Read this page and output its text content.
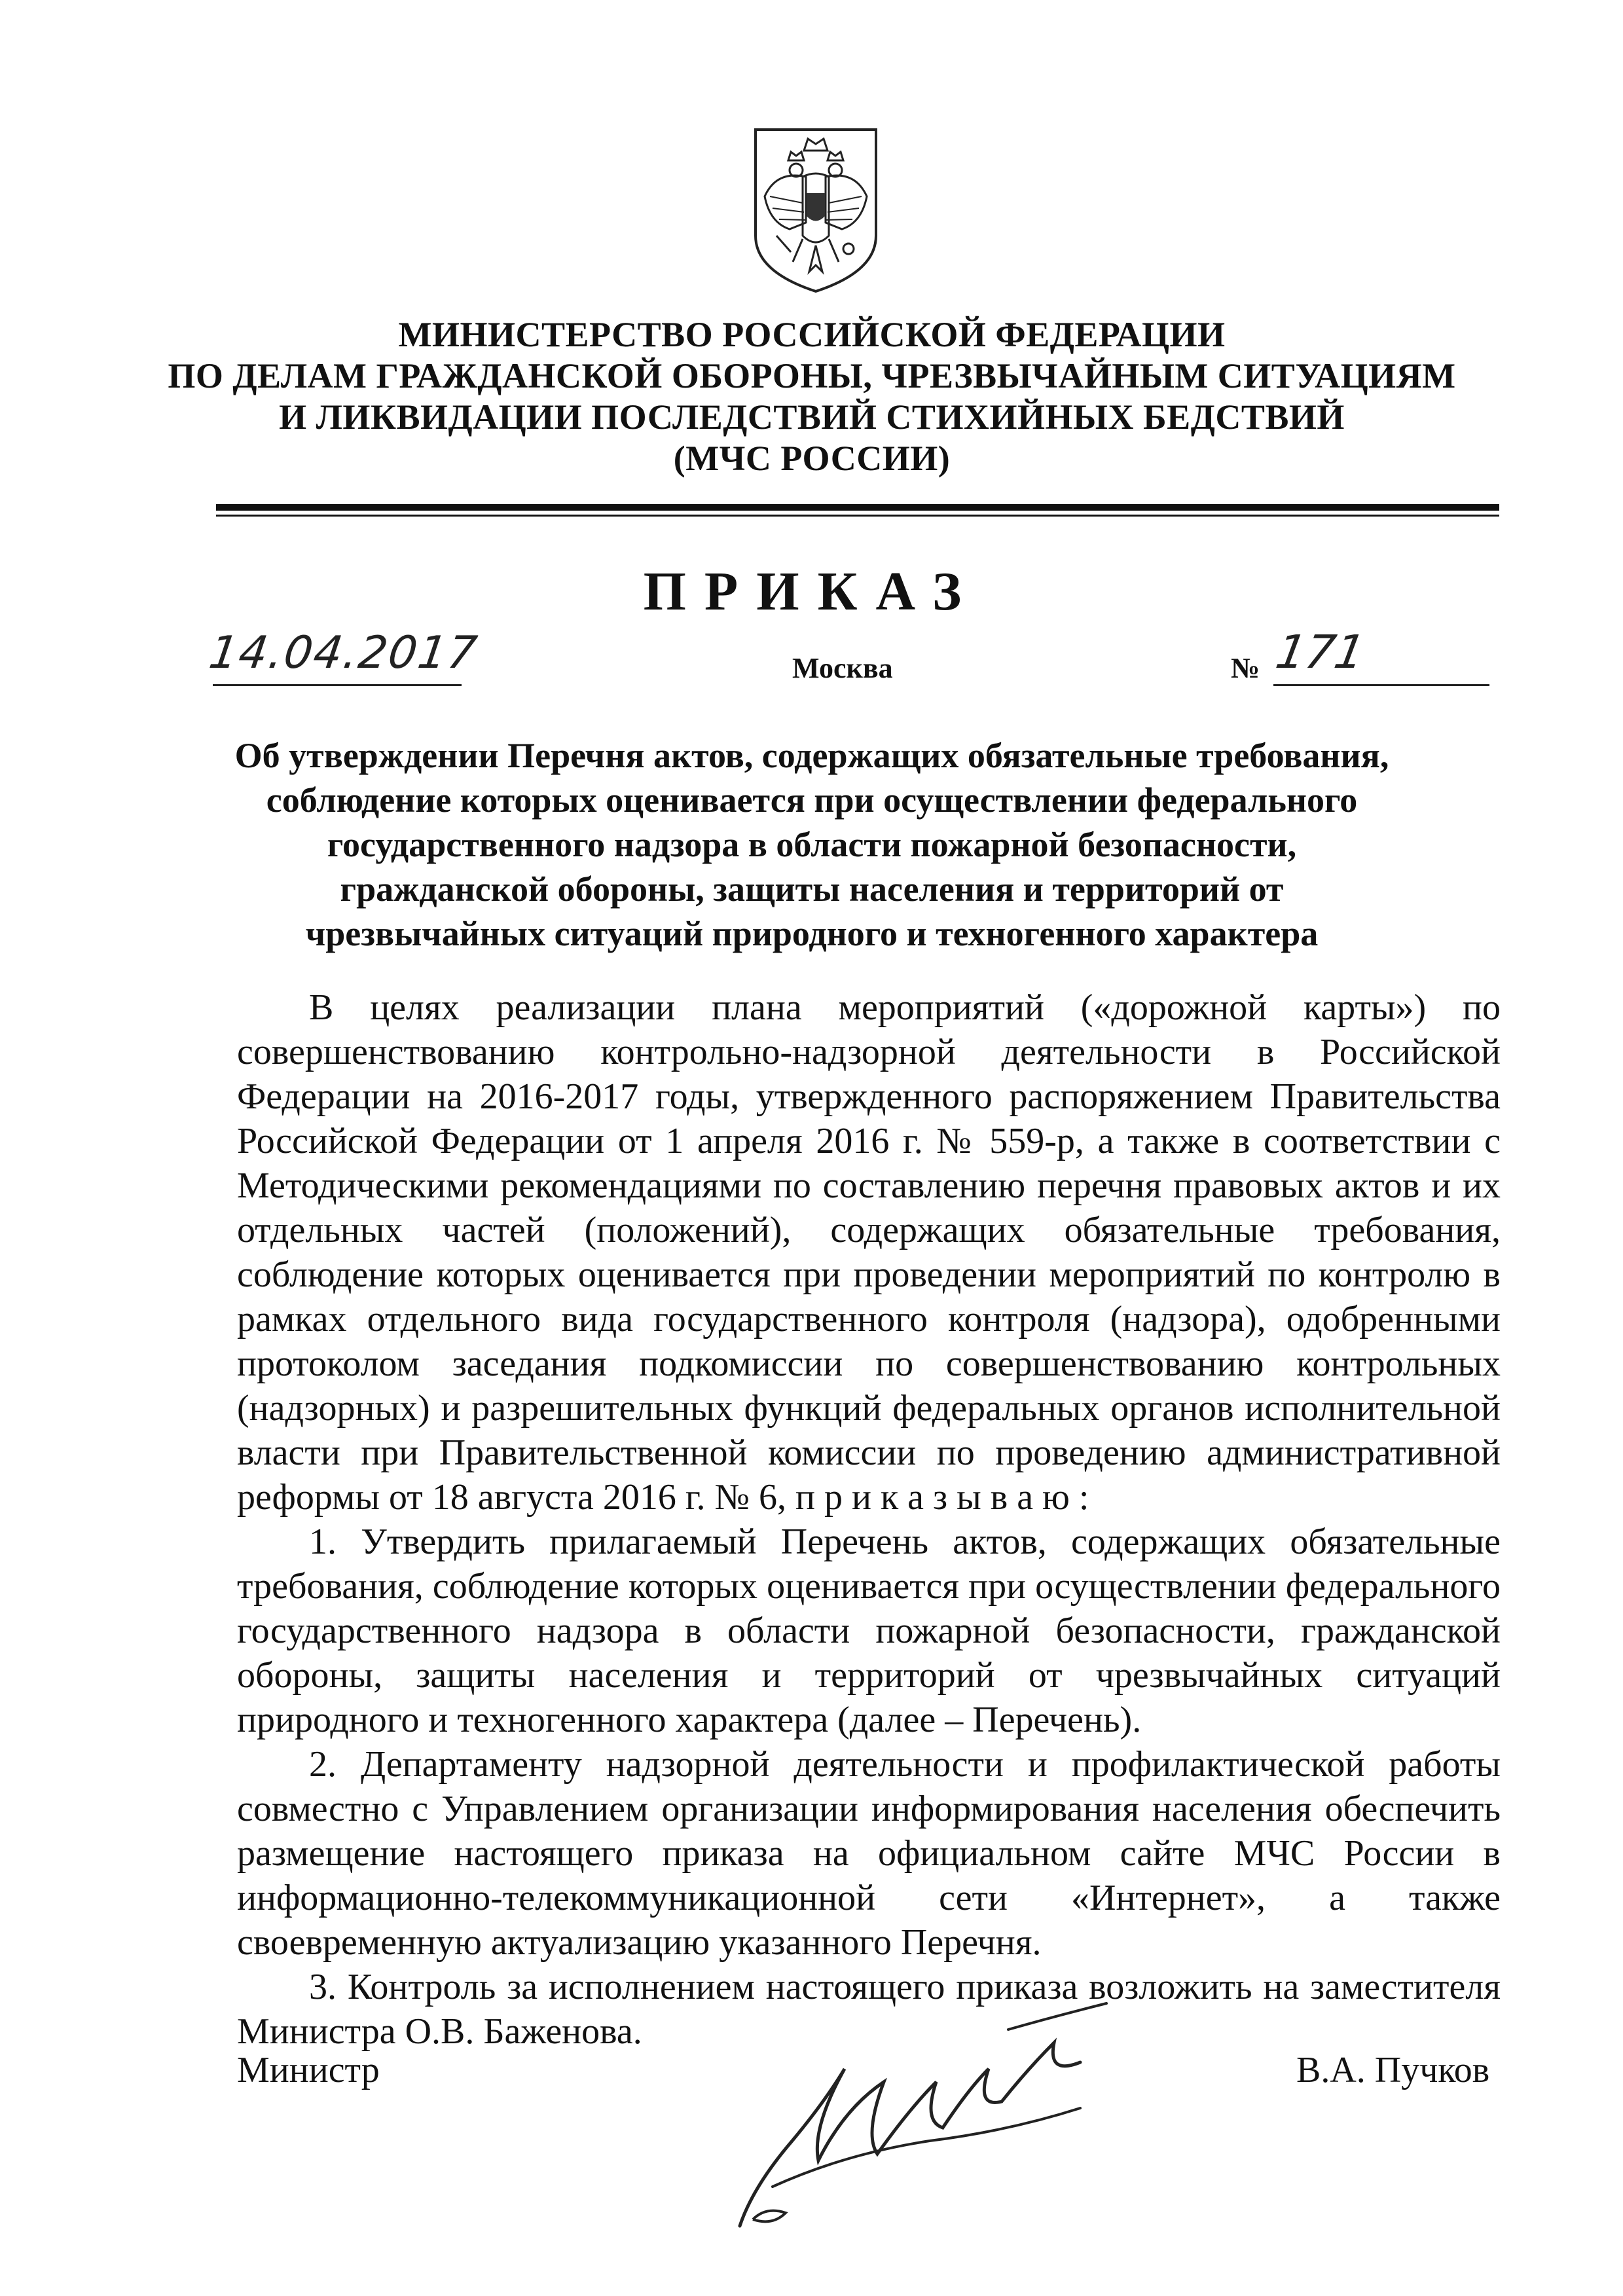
МИНИСТЕРСТВО РОССИЙСКОЙ ФЕДЕРАЦИИ
ПО ДЕЛАМ ГРАЖДАНСКОЙ ОБОРОНЫ, ЧРЕЗВЫЧАЙНЫМ СИТУАЦИЯМ
И ЛИКВИДАЦИИ ПОСЛЕДСТВИЙ СТИХИЙНЫХ БЕДСТВИЙ
(МЧС РОССИИ)
ПРИКАЗ
14.04.2017	Москва	№ 171
Об утверждении Перечня актов, содержащих обязательные требования,
соблюдение которых оценивается при осуществлении федерального
государственного надзора в области пожарной безопасности,
гражданской обороны, защиты населения и территорий от
чрезвычайных ситуаций природного и техногенного характера

В целях реализации плана мероприятий («дорожной карты») по совершенствованию контрольно-надзорной деятельности в Российской Федерации на 2016-2017 годы, утвержденного распоряжением Правительства Российской Федерации от 1 апреля 2016 г. № 559-р, а также в соответствии с Методическими рекомендациями по составлению перечня правовых актов и их отдельных частей (положений), содержащих обязательные требования, соблюдение которых оценивается при проведении мероприятий по контролю в рамках отдельного вида государственного контроля (надзора), одобренными протоколом заседания подкомиссии по совершенствованию контрольных (надзорных) и разрешительных функций федеральных органов исполнительной власти при Правительственной комиссии по проведению административной реформы от 18 августа 2016 г. № 6, п р и к а з ы в а ю :

1. Утвердить прилагаемый Перечень актов, содержащих обязательные требования, соблюдение которых оценивается при осуществлении федерального государственного надзора в области пожарной безопасности, гражданской обороны, защиты населения и территорий от чрезвычайных ситуаций природного и техногенного характера (далее – Перечень).

2. Департаменту надзорной деятельности и профилактической работы совместно с Управлением организации информирования населения обеспечить размещение настоящего приказа на официальном сайте МЧС России в информационно-телекоммуникационной сети «Интернет», а также своевременную актуализацию указанного Перечня.

3. Контроль за исполнением настоящего приказа возложить на заместителя Министра О.В. Баженова.

Министр	В.А. Пучков
